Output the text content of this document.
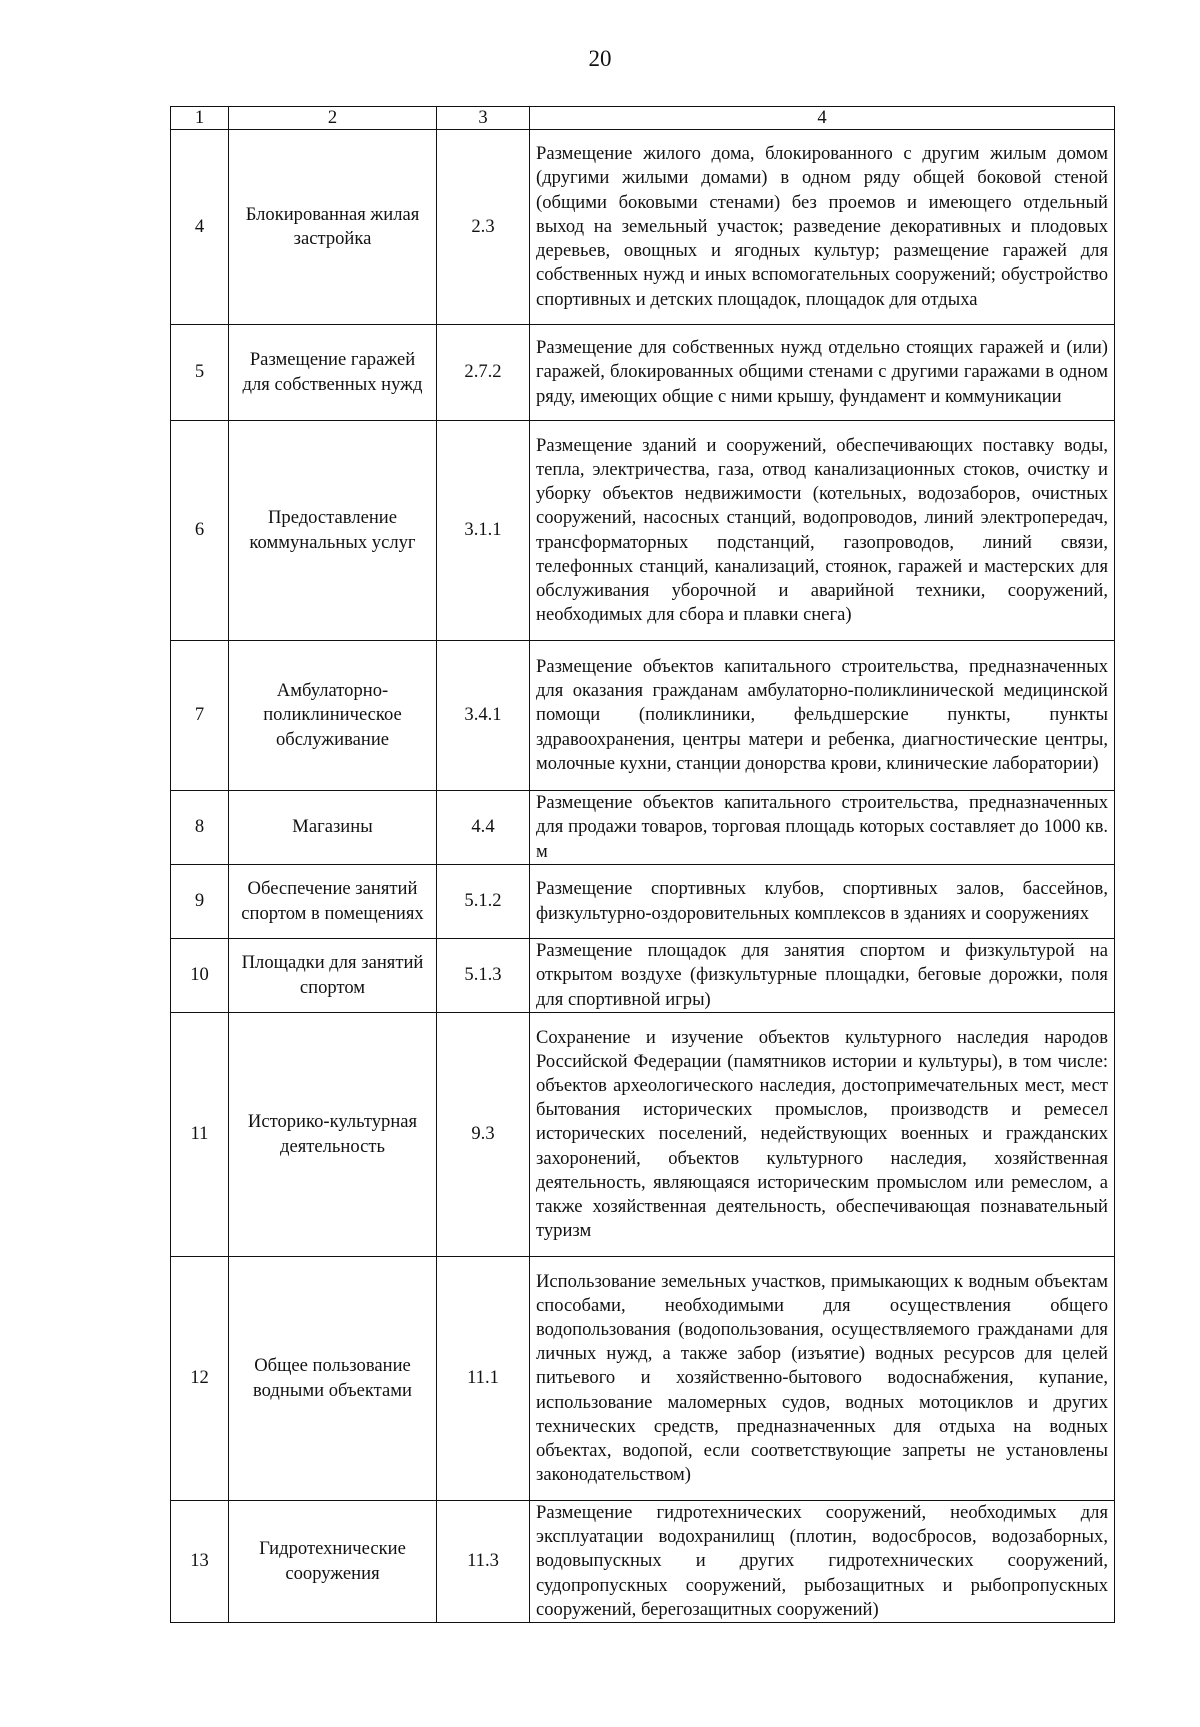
20
1	2	3	4
4	Блокированная жилая застройка	2.3	Размещение жилого дома, блокированного с другим жилым домом (другими жилыми домами) в одном ряду общей боковой стеной (общими боковыми стенами) без проемов и имеющего отдельный выход на земельный участок; разведение декоративных и плодовых деревьев, овощных и ягодных культур; размещение гаражей для собственных нужд и иных вспомогательных сооружений; обустройство спортивных и детских площадок, площадок для отдыха
5	Размещение гаражей для собственных нужд	2.7.2	Размещение для собственных нужд отдельно стоящих гаражей и (или) гаражей, блокированных общими стенами с другими гаражами в одном ряду, имеющих общие с ними крышу, фундамент и коммуникации
6	Предоставление коммунальных услуг	3.1.1	Размещение зданий и сооружений, обеспечивающих поставку воды, тепла, электричества, газа, отвод канализационных стоков, очистку и уборку объектов недвижимости (котельных, водозаборов, очистных сооружений, насосных станций, водопроводов, линий электропередач, трансформаторных подстанций, газопроводов, линий связи, телефонных станций, канализаций, стоянок, гаражей и мастерских для обслуживания уборочной и аварийной техники, сооружений, необходимых для сбора и плавки снега)
7	Амбулаторно-поликлиническое обслуживание	3.4.1	Размещение объектов капитального строительства, предназначенных для оказания гражданам амбулаторно-поликлинической медицинской помощи (поликлиники, фельдшерские пункты, пункты здравоохранения, центры матери и ребенка, диагностические центры, молочные кухни, станции донорства крови, клинические лаборатории)
8	Магазины	4.4	Размещение объектов капитального строительства, предназначенных для продажи товаров, торговая площадь которых составляет до 1000 кв. м
9	Обеспечение занятий спортом в помещениях	5.1.2	Размещение спортивных клубов, спортивных залов, бассейнов, физкультурно-оздоровительных комплексов в зданиях и сооружениях
10	Площадки для занятий спортом	5.1.3	Размещение площадок для занятия спортом и физкультурой на открытом воздухе (физкультурные площадки, беговые дорожки, поля для спортивной игры)
11	Историко-культурная деятельность	9.3	Сохранение и изучение объектов культурного наследия народов Российской Федерации (памятников истории и культуры), в том числе: объектов археологического наследия, достопримечательных мест, мест бытования исторических промыслов, производств и ремесел исторических поселений, недействующих военных и гражданских захоронений, объектов культурного наследия, хозяйственная деятельность, являющаяся историческим промыслом или ремеслом, а также хозяйственная деятельность, обеспечивающая познавательный туризм
12	Общее пользование водными объектами	11.1	Использование земельных участков, примыкающих к водным объектам способами, необходимыми для осуществления общего водопользования (водопользования, осуществляемого гражданами для личных нужд, а также забор (изъятие) водных ресурсов для целей питьевого и хозяйственно-бытового водоснабжения, купание, использование маломерных судов, водных мотоциклов и других технических средств, предназначенных для отдыха на водных объектах, водопой, если соответствующие запреты не установлены законодательством)
13	Гидротехнические сооружения	11.3	Размещение гидротехнических сооружений, необходимых для эксплуатации водохранилищ (плотин, водосбросов, водозаборных, водовыпускных и других гидротехнических сооружений, судопропускных сооружений, рыбозащитных и рыбопропускных сооружений, берегозащитных сооружений)
